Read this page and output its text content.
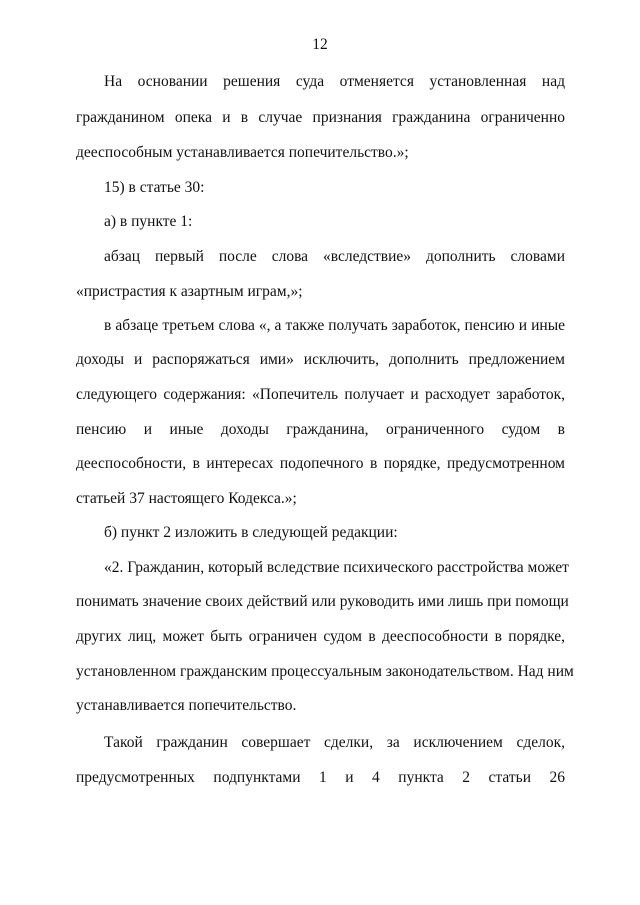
12
На основании решения суда отменяется установленная над
гражданином опека и в случае признания гражданина ограниченно
дееспособным устанавливается попечительство.»;
15) в статье 30:
а) в пункте 1:
абзац первый после слова «вследствие» дополнить словами
«пристрастия к азартным играм,»;
в абзаце третьем слова «, а также получать заработок, пенсию и иные
доходы и распоряжаться ими» исключить, дополнить предложением
следующего содержания: «Попечитель получает и расходует заработок,
пенсию и иные доходы гражданина, ограниченного судом в
дееспособности, в интересах подопечного в порядке, предусмотренном
статьей 37 настоящего Кодекса.»;
б) пункт 2 изложить в следующей редакции:
«2. Гражданин, который вследствие психического расстройства может
понимать значение своих действий или руководить ими лишь при помощи
других лиц, может быть ограничен судом в дееспособности в порядке,
установленном гражданским процессуальным законодательством. Над ним
устанавливается попечительство.
Такой гражданин совершает сделки, за исключением сделок,
предусмотренных подпунктами 1 и 4 пункта 2 статьи 26
